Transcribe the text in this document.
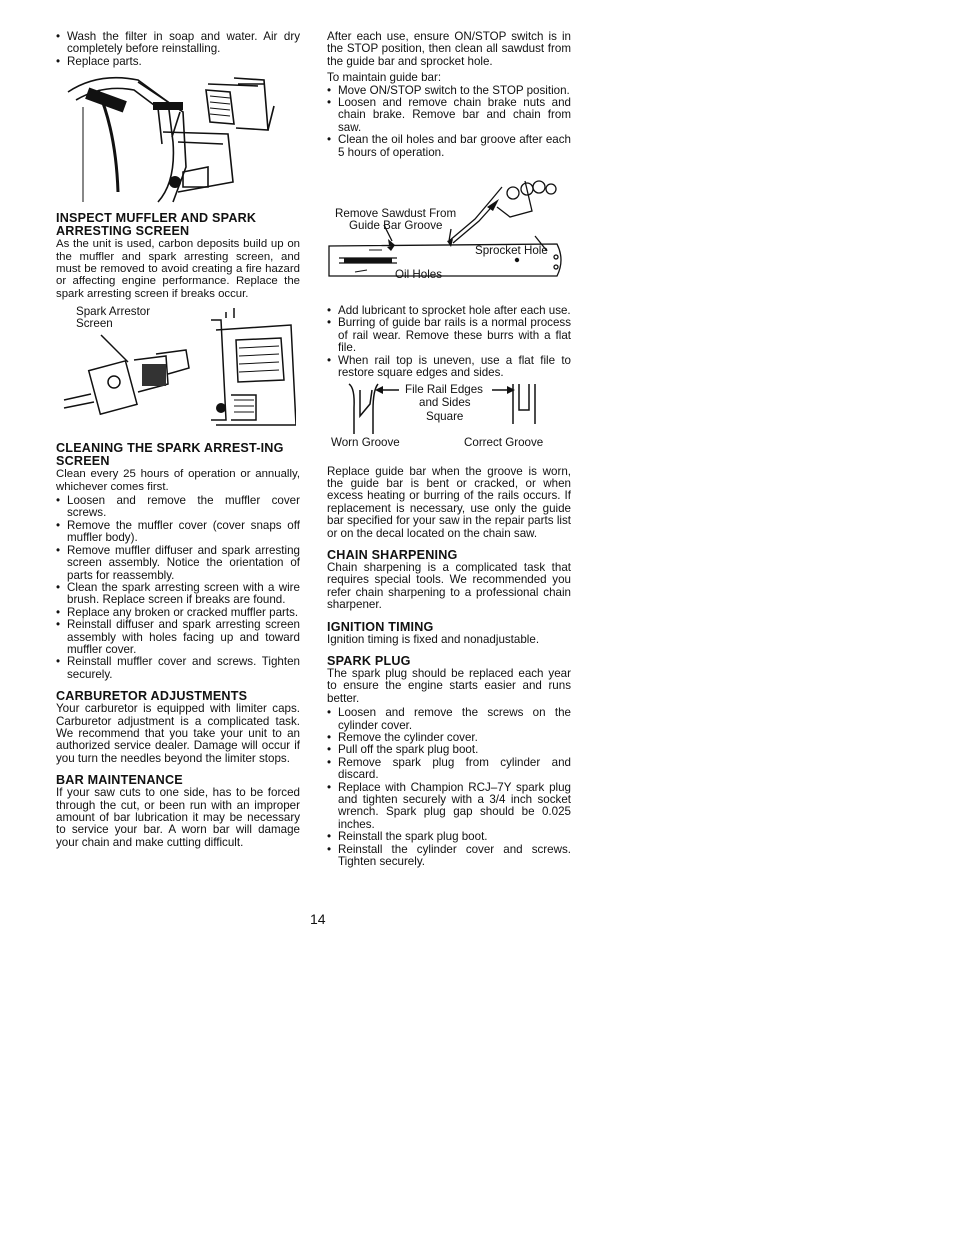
• Wash the filter in soap and water. Air dry completely before reinstalling.
• Replace parts.
INSPECT MUFFLER AND SPARK ARRESTING SCREEN

As the unit is used, carbon deposits build up on the muffler and spark arresting screen, and must be removed to avoid creating a fire hazard or affecting engine performance. Replace the spark arresting screen if breaks occur.

Spark Arrestor
Screen
CLEANING THE SPARK ARREST-ING SCREEN

Clean every 25 hours of operation or annually, whichever comes first.

• Loosen and remove the muffler cover screws.
• Remove the muffler cover (cover snaps off muffler body).
• Remove muffler diffuser and spark arresting screen assembly. Notice the orientation of parts for reassembly.
• Clean the spark arresting screen with a wire brush. Replace screen if breaks are found.
• Replace any broken or cracked muffler parts.
• Reinstall diffuser and spark arresting screen assembly with holes facing up and toward muffler cover.
• Reinstall muffler cover and screws. Tighten securely.
CARBURETOR ADJUSTMENTS

Your carburetor is equipped with limiter caps. Carburetor adjustment is a complicated task. We recommend that you take your unit to an authorized service dealer. Damage will occur if you turn the needles beyond the limiter stops.

BAR MAINTENANCE

If your saw cuts to one side, has to be forced through the cut, or been run with an improper amount of bar lubrication it may be necessary to service your bar. A worn bar will damage your chain and make cutting difficult.

After each use, ensure ON/STOP switch is in the STOP position, then clean all sawdust from the guide bar and sprocket hole.

To maintain guide bar:

• Move ON/STOP switch to the STOP position.
• Loosen and remove chain brake nuts and chain brake. Remove bar and chain from saw.
• Clean the oil holes and bar groove after each 5 hours of operation.
Remove Sawdust From
Guide Bar Groove
Sprocket Hole
Oil Holes
• Add lubricant to sprocket hole after each use.
• Burring of guide bar rails is a normal process of rail wear. Remove these burrs with a flat file.
• When rail top is uneven, use a flat file to restore square edges and sides.
File Rail Edges
and Sides
Square
Worn Groove	Correct Groove

Replace guide bar when the groove is worn, the guide bar is bent or cracked, or when excess heating or burring of the rails occurs. If replacement is necessary, use only the guide bar specified for your saw in the repair parts list or on the decal located on the chain saw.

CHAIN SHARPENING

Chain sharpening is a complicated task that requires special tools. We recommended you refer chain sharpening to a professional chain sharpener.

IGNITION TIMING

Ignition timing is fixed and nonadjustable.

SPARK PLUG

The spark plug should be replaced each year to ensure the engine starts easier and runs better.

• Loosen and remove the screws on the cylinder cover.
• Remove the cylinder cover.
• Pull off the spark plug boot.
• Remove spark plug from cylinder and discard.
• Replace with Champion RCJ–7Y spark plug and tighten securely with a 3/4 inch socket wrench. Spark plug gap should be 0.025 inches.
• Reinstall the spark plug boot.
• Reinstall the cylinder cover and screws. Tighten securely.
14
